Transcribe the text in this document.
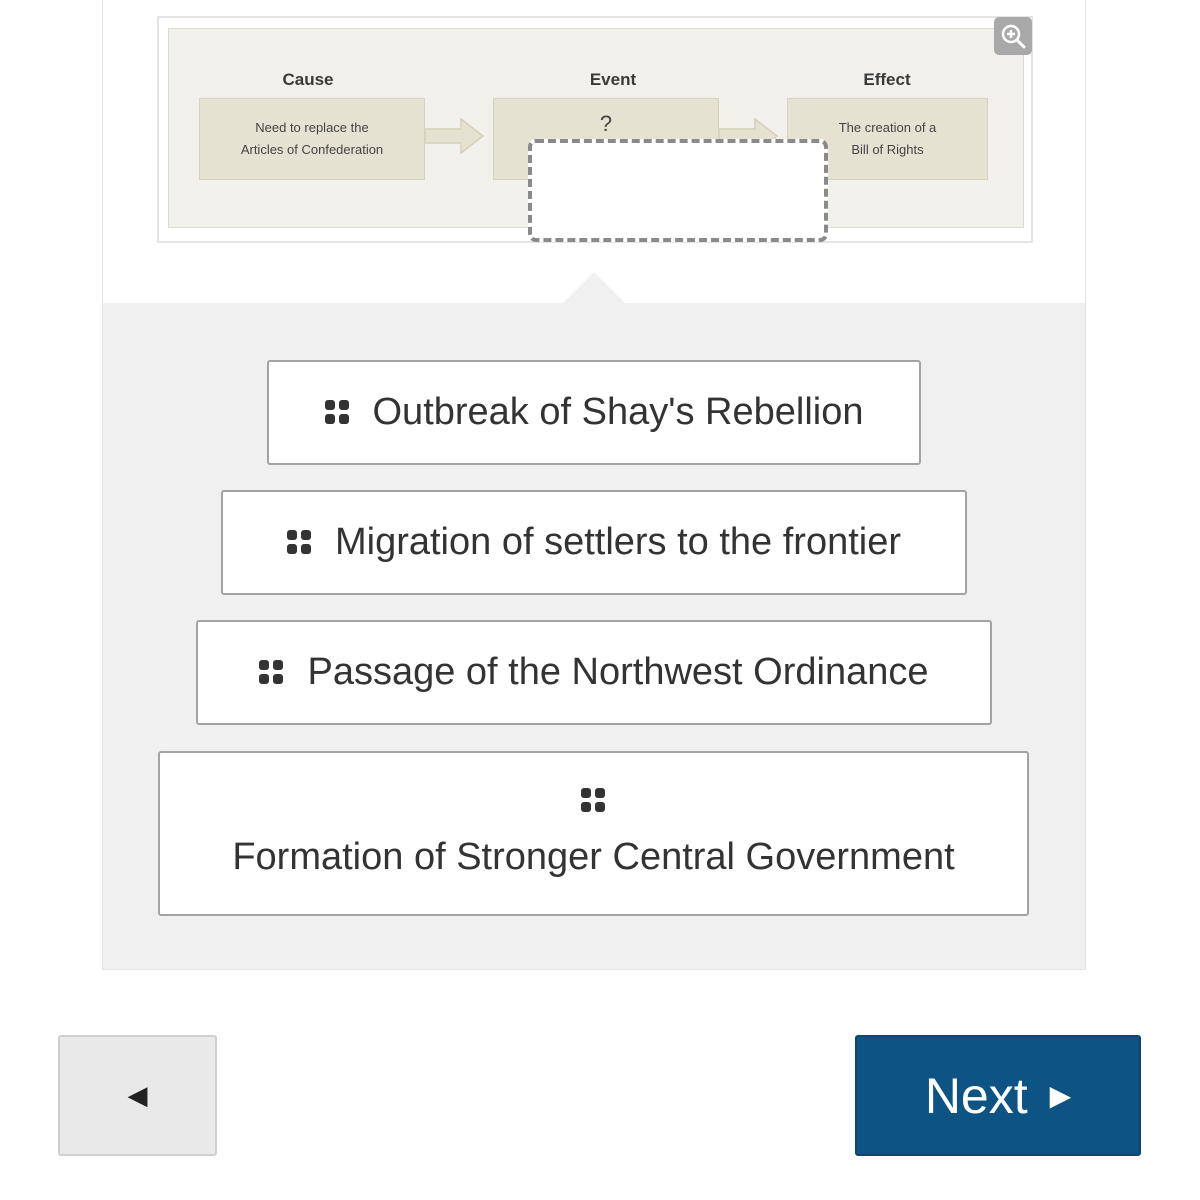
Cause	Event	Effect
Need to replace the
Articles of Confederation
?	The creation of a
Bill of Rights
Outbreak of Shay's Rebellion
Migration of settlers to the frontier
Passage of the Northwest Ordinance
Formation of Stronger Central Government
◀	Next ▶
